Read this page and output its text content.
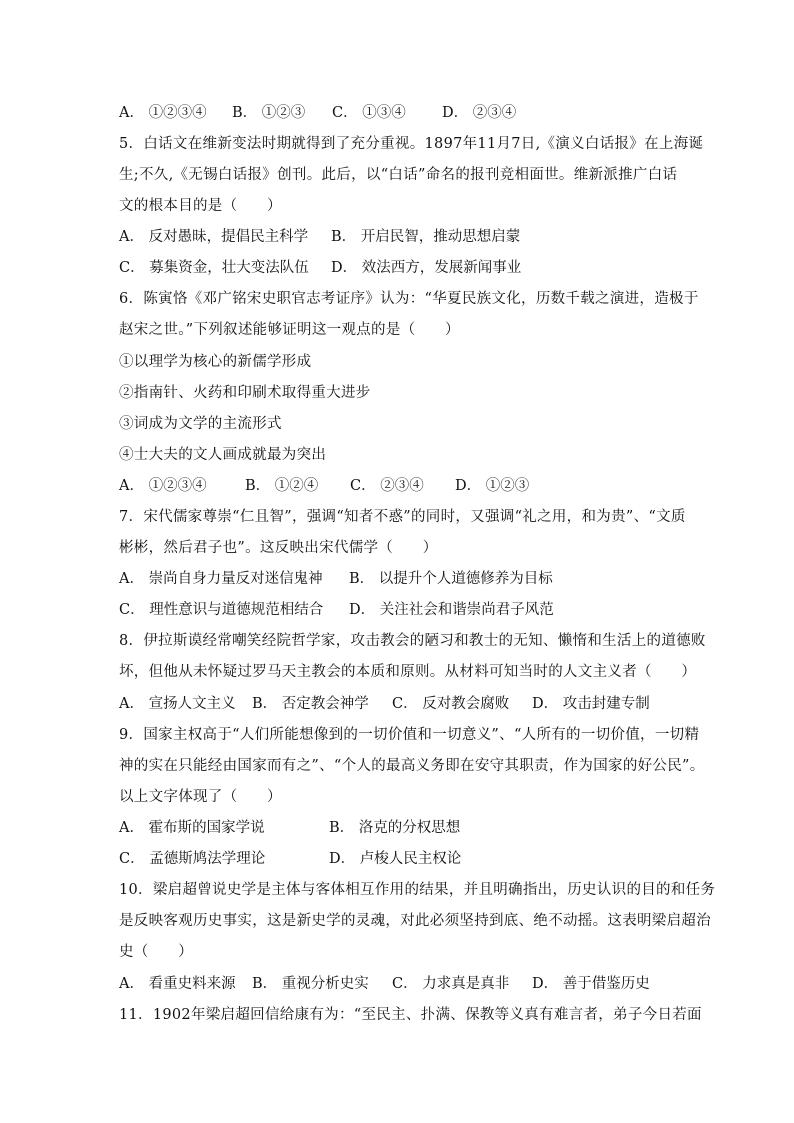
A． ①②③④ B． ①②③ C． ①③④	D． ②③④
5．白话文在维新变法时期就得到了充分重视。1897年11月7日,《演义白话报》在上海诞
生;不久,《无锡白话报》创刊。此后，以“白话”命名的报刊竞相面世。维新派推广白话
文的根本目的是（　　）
A． 反对愚昧，提倡民主科学 B． 开启民智，推动思想启蒙
C． 募集资金，壮大变法队伍 D． 效法西方，发展新闻事业
6．陈寅恪《邓广铭宋史职官志考证序》认为：“华夏民族文化，历数千载之演进，造极于
赵宋之世。”下列叙述能够证明这一观点的是（　　）
①以理学为核心的新儒学形成
②指南针、火药和印刷术取得重大进步
③词成为文学的主流形式
④士大夫的文人画成就最为突出
A． ①②③④	B． ①②④ C． ②③④ D． ①②③
7．宋代儒家尊崇“仁且智”，强调“知者不惑”的同时，又强调“礼之用，和为贵”、“文质
彬彬，然后君子也”。这反映出宋代儒学（　　）
A． 崇尚自身力量反对迷信鬼神 B． 以提升个人道德修养为目标
C． 理性意识与道德规范相结合 D． 关注社会和谐崇尚君子风范
8．伊拉斯谟经常嘲笑经院哲学家，攻击教会的陋习和教士的无知、懒惰和生活上的道德败
坏，但他从未怀疑过罗马天主教会的本质和原则。从材料可知当时的人文主义者（　　）
A． 宣扬人文主义 B． 否定教会神学 C． 反对教会腐败 D． 攻击封建专制
9．国家主权高于“人们所能想像到的一切价值和一切意义”、“人所有的一切价值，一切精
神的实在只能经由国家而有之”、“个人的最高义务即在安守其职责，作为国家的好公民”。
以上文字体现了（　　）
A． 霍布斯的国家学说	B． 洛克的分权思想
C． 孟德斯鸠法学理论	D． 卢梭人民主权论
10．梁启超曾说史学是主体与客体相互作用的结果，并且明确指出，历史认识的目的和任务
是反映客观历史事实，这是新史学的灵魂，对此必须坚持到底、绝不动摇。这表明梁启超治
史（　　）
A． 看重史料来源 B． 重视分析史实 C． 力求真是真非 D． 善于借鉴历史
11．1902年梁启超回信给康有为：“至民主、扑满、保教等义真有难言者，弟子今日若面
